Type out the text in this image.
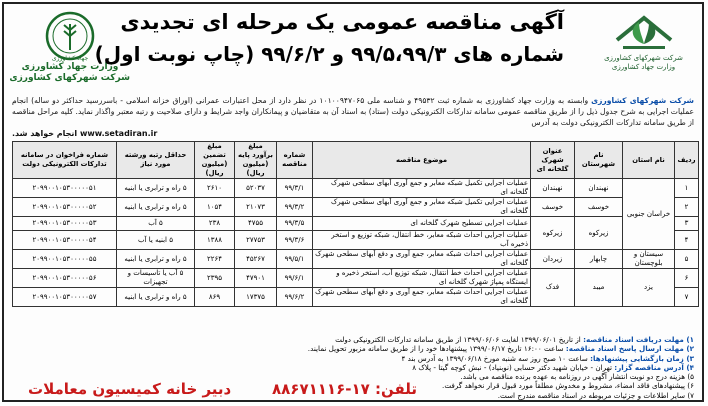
شرکت شهرکهای کشاورزی
وزارت جهاد کشاورزی
جهاد کشاورزی
وزارت جهاد کشاورزی
شرکت شهرکهای کشاورزی
آگهی مناقصه عمومی یک مرحله ای تجدیدی
شماره های ۹۹/۵،۹۹/۳ و ۹۹/۶/۲ (چاپ نوبت اول)
شرکت شهرکهای کشاورزی وابسته به وزارت جهاد کشاورزی به شماره ثبت ۴۹۵۳۲ و شناسه ملی ۱۰۱۰۰۹۴۷۰۶۵ در نظر دارد از محل اعتبارات عمرانی (اوراق خزانه اسلامی - باسررسید حداکثر دو ساله) انجام عملیات اجرایی به شرح جدول ذیل را از طریق مناقصه عمومی سامانه تدارکات الکترونیکی دولت (ستاد) به اسناد آن به متقاضیان و پیمانکاران واجد شرایط و دارای صلاحیت و رتبه معتبر واگذار نماید. کلیه مراحل مناقصه از طریق سامانه تدارکات الکترونیکی دولت به آدرس
www.setadiran.ir انجام خواهد شد.
ردیف	نام استان	نام شهرستان	عنوان شهرک گلخانه ای	موضوع مناقصه	شماره مناقصه	مبلغ برآورد پایه (میلیون ریال)	مبلغ تضمین (میلیون ریال)	حداقل رتبه ورشته مورد نیاز	شماره فراخوان در سامانه تدارکات الکترونیکی دولت
۱	خراسان جنوبی	نهبندان	نهبندان	عملیات اجرایی تکمیل شبکه معابر و جمع آوری آبهای سطحی شهرک گلخانه ای	۹۹/۳/۱	۵۲۰۳۷	۲۶۱۰	۵ راه و ترابری یا ابنیه	۲۰۹۹۰۰۱۰۵۳۰۰۰۰۰۵۱
۲		خوسف	خوسف	عملیات اجرایی تکمیل شبکه معابر و جمع آوری آبهای سطحی شهرک گلخانه ای	۹۹/۳/۲	۲۱۰۷۳	۱۰۵۴	۵ راه و ترابری یا ابنیه	۲۰۹۹۰۰۱۰۵۳۰۰۰۰۰۵۲
۳		زیرکوه	زیرکوه	عملیات اجرایی تسطیح شهرک گلخانه ای	۹۹/۳/۵	۴۷۵۵	۲۳۸	۵ آب	۲۰۹۹۰۰۱۰۵۳۰۰۰۰۰۵۳
۴				عملیات اجرایی احداث شبکه معابر، خط انتقال، شبکه توزیع و استخر ذخیره آب	۹۹/۳/۶	۲۷۷۵۳	۱۳۸۸	۵ ابنیه یا آب	۲۰۹۹۰۰۱۰۵۳۰۰۰۰۰۵۴
۵	سیستان و بلوچستان	چابهار	زیردان	عملیات اجرایی احداث شبکه معابر، جمع آوری و دفع آبهای سطحی شهرک گلخانه ای	۹۹/۵/۱	۴۵۲۶۷	۲۲۶۴	۵ راه و ترابری یا ابنیه	۲۰۹۹۰۰۱۰۵۳۰۰۰۰۰۵۵
۶	یزد	میبد	فدک	عملیات اجرایی احداث خط انتقال، شبکه توزیع آب، استخر ذخیره و ایستگاه پمپاژ شهرک گلخانه ای	۹۹/۶/۱	۴۷۹۰۱	۲۳۹۵	۵ آب یا تاسیسات و تجهیزات	۲۰۹۹۰۰۱۰۵۳۰۰۰۰۰۵۶
۷				عملیات اجرایی احداث شبکه معابر، جمع آوری و دفع آبهای سطحی شهرک گلخانه ای	۹۹/۶/۲	۱۷۳۷۵	۸۶۹	۵ راه و ترابری یا ابنیه	۲۰۹۹۰۰۱۰۵۳۰۰۰۰۰۵۷
۱) مهلت دریافت اسناد مناقصه: از تاریخ ۱۳۹۹/۰۶/۰۱ لغایت ۱۳۹۹/۰۶/۰۶ از طریق سامانه تدارکات الکترونیکی دولت
۲) مهلت ارسال پاسخ اسناد مناقصه: ساعت ۱۶:۰۰ تاریخ ۱۳۹۹/۰۶/۱۷ پیشنهادها خود را از طریق سامانه مزبور تحویل نمایند.
۳) زمان بازگشایی پیشنهادها: ساعت ۱۰ صبح روز سه شنبه مورخ ۱۳۹۹/۰۶/۱۸ به آدرس بند ۴
۴) آدرس مناقصه گزار: تهران - خیابان شهید دکتر حسابی (نوبنیاد) - نبش کوچه گیتا - پلاک ۸
۵) هزینه درج دو نوبت انتشار آگهی در روزنامه به عهده برنده مناقصه می باشد.
۶) پیشنهادهای فاقد امضاء، مشروط و مخدوش مطلقاً مورد قبول قرار نخواهد گرفت.
۷) سایر اطلاعات و جزئیات مربوطه در اسناد مناقصه مندرج است.
تلفن: ۱۷-۸۸۶۷۱۱۱۶
دبیر خانه کمیسیون معاملات
